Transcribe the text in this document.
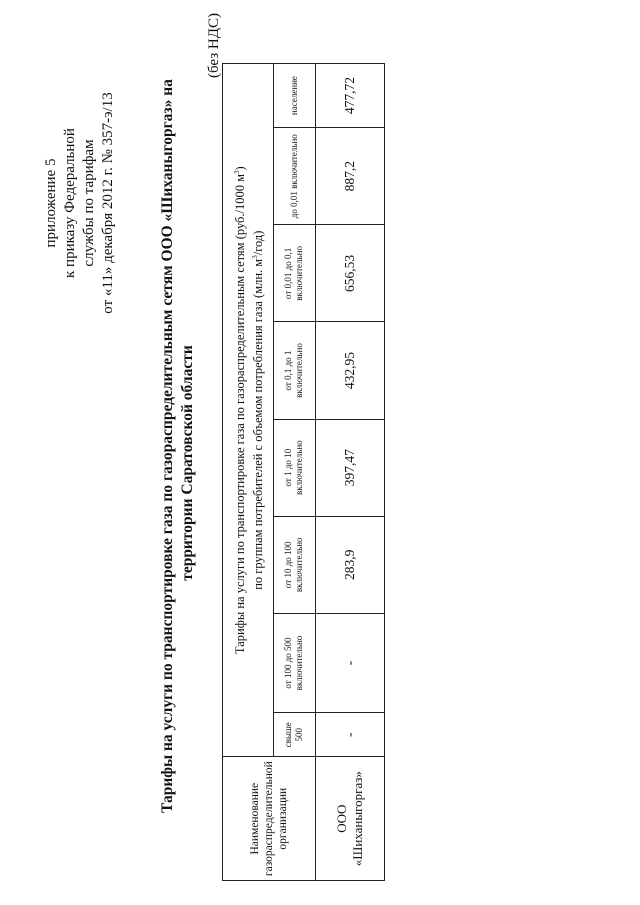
приложение 5 к приказу Федеральной службы по тарифам от «11» декабря 2012 г. № 357-э/13	Тарифы на услуги по транспортировке газа по газораспределительным сетям ООО «Шиханыгоргаз» на территории Саратовской области
(без НДС)
Наименование газораспределительной организации	Тарифы на услуги по транспортировке газа по газораспределительным сетям (руб./1000 $м^3$)
по группам потребителей с объемом потребления газа (млн. $м^3/год$)							
	свыше 500	от 100 до 500 включительно	от 10 до 100 включительно	от 1 до 10 включительно	от 0,1 до 1 включительно	от 0,01 до 0,1 включительно	до 0,01 включительно	население
ООО «Шиханыгоргаз»	-	-	283,9	397,47	432,95	656,53	887,2	477,72
